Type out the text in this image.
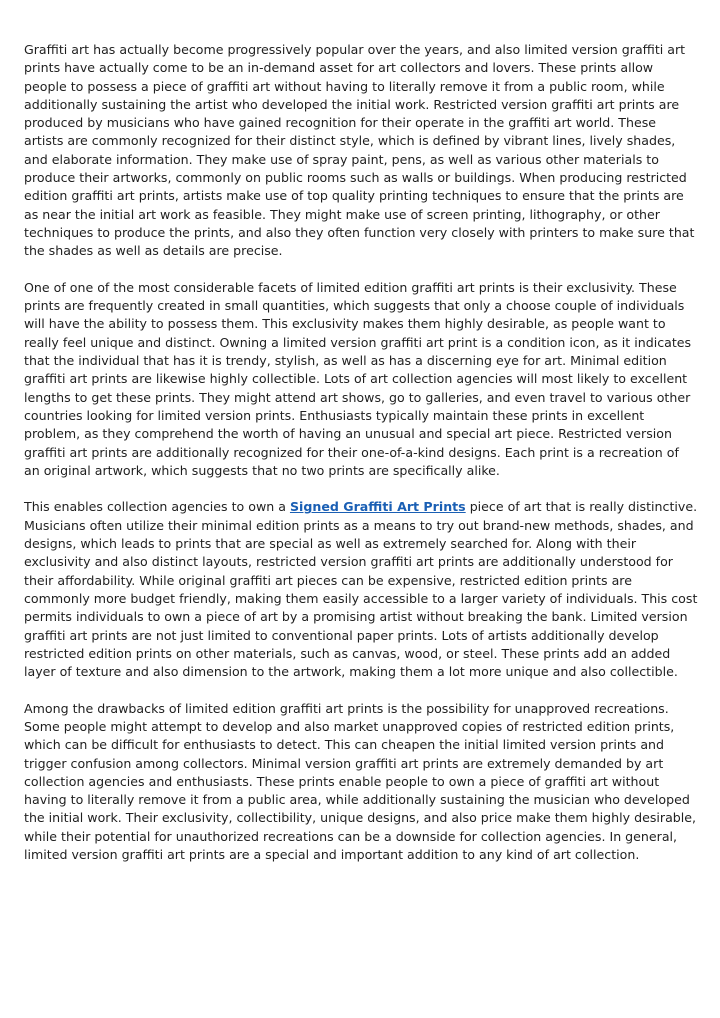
Graffiti art has actually become progressively popular over the years, and also limited version graffiti art prints have actually come to be an in-demand asset for art collectors and lovers. These prints allow people to possess a piece of graffiti art without having to literally remove it from a public room, while additionally sustaining the artist who developed the initial work. Restricted version graffiti art prints are produced by musicians who have gained recognition for their operate in the graffiti art world. These artists are commonly recognized for their distinct style, which is defined by vibrant lines, lively shades, and elaborate information. They make use of spray paint, pens, as well as various other materials to produce their artworks, commonly on public rooms such as walls or buildings. When producing restricted edition graffiti art prints, artists make use of top quality printing techniques to ensure that the prints are as near the initial art work as feasible. They might make use of screen printing, lithography, or other techniques to produce the prints, and also they often function very closely with printers to make sure that the shades as well as details are precise.

One of one of the most considerable facets of limited edition graffiti art prints is their exclusivity. These prints are frequently created in small quantities, which suggests that only a choose couple of individuals will have the ability to possess them. This exclusivity makes them highly desirable, as people want to really feel unique and distinct. Owning a limited version graffiti art print is a condition icon, as it indicates that the individual that has it is trendy, stylish, as well as has a discerning eye for art. Minimal edition graffiti art prints are likewise highly collectible. Lots of art collection agencies will most likely to excellent lengths to get these prints. They might attend art shows, go to galleries, and even travel to various other countries looking for limited version prints. Enthusiasts typically maintain these prints in excellent problem, as they comprehend the worth of having an unusual and special art piece. Restricted version graffiti art prints are additionally recognized for their one-of-a-kind designs. Each print is a recreation of an original artwork, which suggests that no two prints are specifically alike.

This enables collection agencies to own a Signed Graffiti Art Prints piece of art that is really distinctive. Musicians often utilize their minimal edition prints as a means to try out brand-new methods, shades, and designs, which leads to prints that are special as well as extremely searched for. Along with their exclusivity and also distinct layouts, restricted version graffiti art prints are additionally understood for their affordability. While original graffiti art pieces can be expensive, restricted edition prints are commonly more budget friendly, making them easily accessible to a larger variety of individuals. This cost permits individuals to own a piece of art by a promising artist without breaking the bank. Limited version graffiti art prints are not just limited to conventional paper prints. Lots of artists additionally develop restricted edition prints on other materials, such as canvas, wood, or steel. These prints add an added layer of texture and also dimension to the artwork, making them a lot more unique and also collectible.

Among the drawbacks of limited edition graffiti art prints is the possibility for unapproved recreations. Some people might attempt to develop and also market unapproved copies of restricted edition prints, which can be difficult for enthusiasts to detect. This can cheapen the initial limited version prints and trigger confusion among collectors. Minimal version graffiti art prints are extremely demanded by art collection agencies and enthusiasts. These prints enable people to own a piece of graffiti art without having to literally remove it from a public area, while additionally sustaining the musician who developed the initial work. Their exclusivity, collectibility, unique designs, and also price make them highly desirable, while their potential for unauthorized recreations can be a downside for collection agencies. In general, limited version graffiti art prints are a special and important addition to any kind of art collection.
